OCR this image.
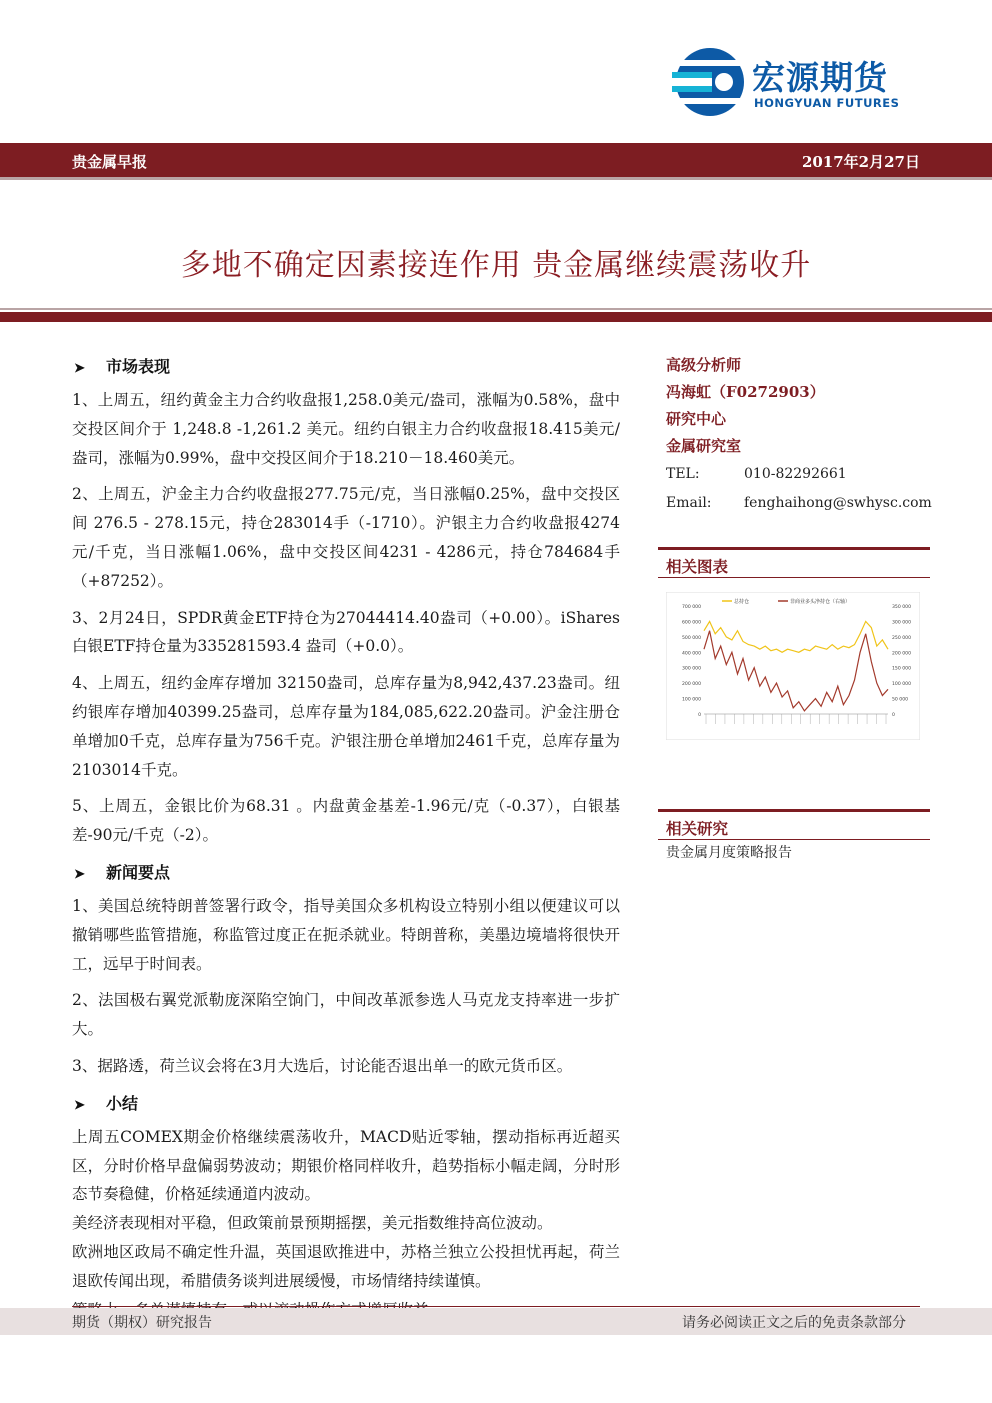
宏源期货
HONGYUAN FUTURES
贵金属早报	2017年2月27日
多地不确定因素接连作用 贵金属继续震荡收升
➤ 市场表现
1、上周五，纽约黄金主力合约收盘报1,258.0美元/盎司，涨幅为0.58%，盘中交投区间介于 1,248.8 -1,261.2 美元。纽约白银主力合约收盘报18.415美元/盎司，涨幅为0.99%，盘中交投区间介于18.210－18.460美元。
2、上周五，沪金主力合约收盘报277.75元/克，当日涨幅0.25%，盘中交投区间 276.5 - 278.15元，持仓283014手（-1710）。沪银主力合约收盘报4274元/千克，当日涨幅1.06%，盘中交投区间4231 - 4286元，持仓784684手（+87252）。
3、2月24日，SPDR黄金ETF持仓为27044414.40盎司（+0.00）。iShares白银ETF持仓量为335281593.4 盎司（+0.0）。
4、上周五，纽约金库存增加 32150盎司，总库存量为8,942,437.23盎司。纽约银库存增加40399.25盎司，总库存量为184,085,622.20盎司。沪金注册仓单增加0千克，总库存量为756千克。沪银注册仓单增加2461千克，总库存量为2103014千克。
5、上周五，金银比价为68.31 。内盘黄金基差-1.96元/克（-0.37），白银基差-90元/千克（-2）。
➤ 新闻要点
1、美国总统特朗普签署行政令，指导美国众多机构设立特别小组以便建议可以撤销哪些监管措施，称监管过度正在扼杀就业。特朗普称，美墨边境墙将很快开工，远早于时间表。
2、法国极右翼党派勒庞深陷空饷门，中间改革派参选人马克龙支持率进一步扩大。
3、据路透，荷兰议会将在3月大选后，讨论能否退出单一的欧元货币区。
➤ 小结
上周五COMEX期金价格继续震荡收升，MACD贴近零轴，摆动指标再近超买区，分时价格早盘偏弱势波动；期银价格同样收升，趋势指标小幅走阔，分时形态节奏稳健，价格延续通道内波动。
美经济表现相对平稳，但政策前景预期摇摆，美元指数维持高位波动。
欧洲地区政局不确定性升温，英国退欧推进中，苏格兰独立公投担忧再起，荷兰退欧传闻出现，希腊债务谈判进展缓慢，市场情绪持续谨慎。
高级分析师
冯海虹（F0272903）
研究中心
金属研究室
TEL:	010-82292661
Email: fenghaihong@swhysc.com
相关图表
0
100 000
200 000
300 000
400 000
500 000
600 000
700 000
0
50 000
100 000
150 000
200 000
250 000
300 000
350 000
总持仓	非商业多头净持仓（右轴）
相关研究
贵金属月度策略报告
期货（期权）研究报告	请务必阅读正文之后的免责条款部分
